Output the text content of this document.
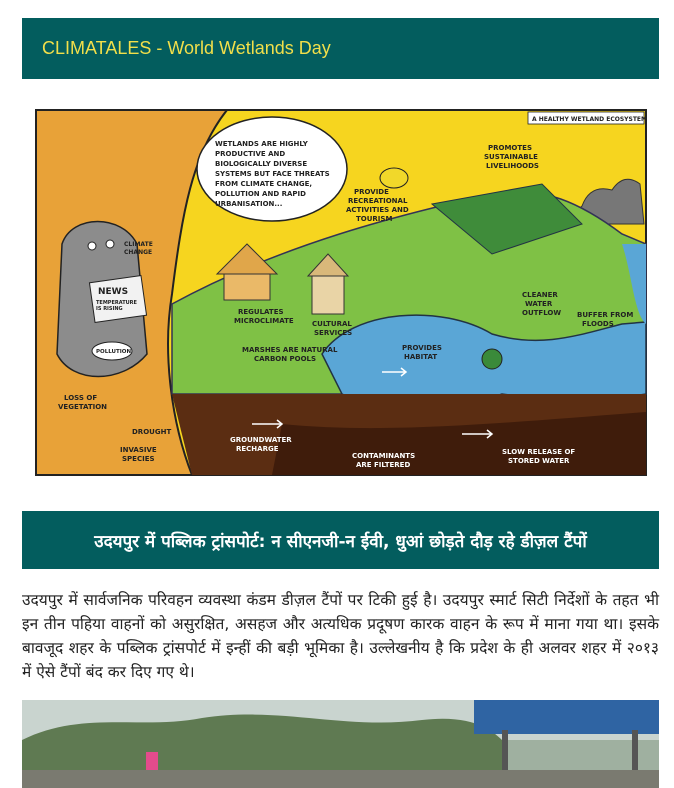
CLIMATALES - World Wetlands Day
WETLANDS ARE HIGHLY
PRODUCTIVE AND
BIOLOGICALLY DIVERSE
SYSTEMS BUT FACE THREATS
FROM CLIMATE CHANGE,
POLLUTION AND RAPID
URBANISATION...
A HEALTHY WETLAND ECOSYSTEM
NEWS
TEMPERATURE
IS RISING
POLLUTION
CLIMATE
CHANGE
LOSS OF
VEGETATION
DROUGHT
INVASIVE
SPECIES
REGULATES
MICROCLIMATE
PROVIDE
RECREATIONAL
ACTIVITIES AND
TOURISM
PROMOTES
SUSTAINABLE
LIVELIHOODS
CULTURAL
SERVICES
MARSHES ARE NATURAL
CARBON POOLS
PROVIDES
HABITAT
CLEANER
WATER
OUTFLOW BUFFER FROM
FLOODS
GROUNDWATER
RECHARGE
CONTAMINANTS
ARE FILTERED
SLOW RELEASE OF
STORED WATER
उदयपुर में पब्लिक ट्रांसपोर्ट: न सीएनजी-न ईवी, धुआं छोड़ते दौड़ रहे डीज़ल टैंपों

उदयपुर में सार्वजनिक परिवहन व्यवस्था कंडम डीज़ल टैंपों पर टिकी हुई है। उदयपुर स्मार्ट सिटी निर्देशों के तहत भी इन तीन पहिया वाहनों को असुरक्षित, असहज और अत्यधिक प्रदूषण कारक वाहन के रूप में माना गया था। इसके बावजूद शहर के पब्लिक ट्रांसपोर्ट में इन्हीं की बड़ी भूमिका है। उल्लेखनीय है कि प्रदेश के ही अलवर शहर में २०१३ में ऐसे टैंपों बंद कर दिए गए थे।
